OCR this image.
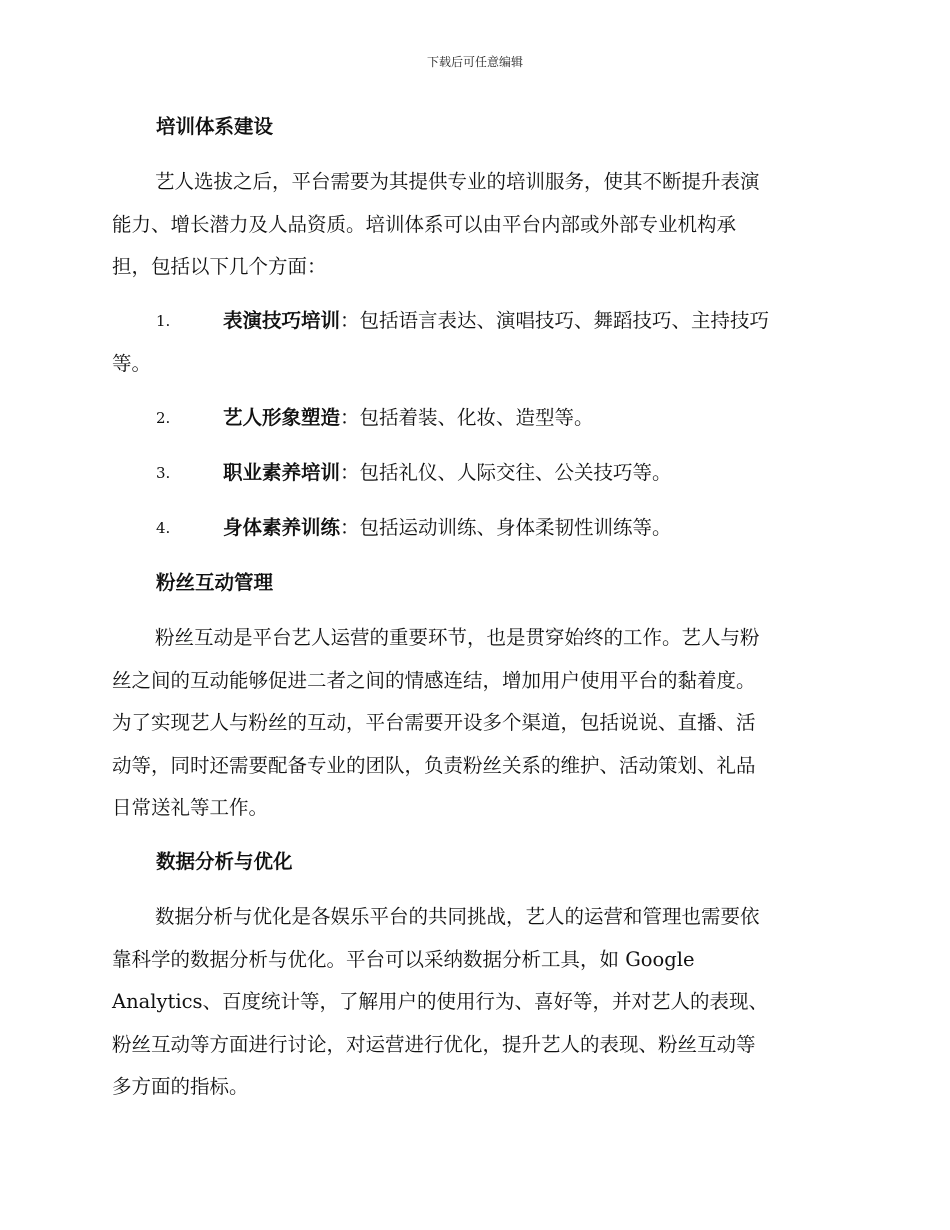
下载后可任意编辑
培训体系建设
艺人选拔之后，平台需要为其提供专业的培训服务，使其不断提升表演
能力、增长潜力及人品资质。培训体系可以由平台内部或外部专业机构承
担，包括以下几个方面：
1.	表演技巧培训：包括语言表达、演唱技巧、舞蹈技巧、主持技巧
等。
2.	艺人形象塑造：包括着装、化妆、造型等。
3.	职业素养培训：包括礼仪、人际交往、公关技巧等。
4.	身体素养训练：包括运动训练、身体柔韧性训练等。
粉丝互动管理
粉丝互动是平台艺人运营的重要环节，也是贯穿始终的工作。艺人与粉
丝之间的互动能够促进二者之间的情感连结，增加用户使用平台的黏着度。
为了实现艺人与粉丝的互动，平台需要开设多个渠道，包括说说、直播、活
动等，同时还需要配备专业的团队，负责粉丝关系的维护、活动策划、礼品
日常送礼等工作。
数据分析与优化
数据分析与优化是各娱乐平台的共同挑战，艺人的运营和管理也需要依
靠科学的数据分析与优化。平台可以采纳数据分析工具，如 Google
Analytics、百度统计等，了解用户的使用行为、喜好等，并对艺人的表现、
粉丝互动等方面进行讨论，对运营进行优化，提升艺人的表现、粉丝互动等
多方面的指标。
